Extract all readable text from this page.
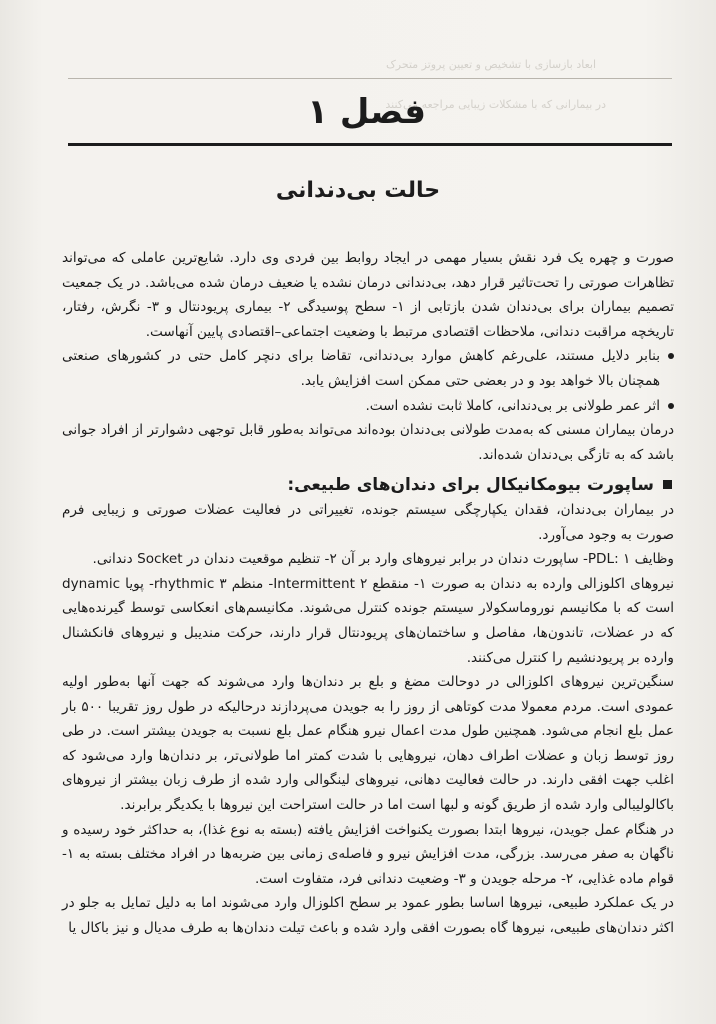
ابعاد بازسازی با تشخیص و تعیین پروتز متحرک
در بیمارانی که با مشکلات زیبایی مراجعه می‌کنند
فصل ۱
حالت بی‌دندانی

صورت و چهره یک فرد نقش بسیار مهمی در ایجاد روابط بین فردی وی دارد. شایع‌ترین عاملی که می‌تواند تظاهرات صورتی را تحت‌تاثیر قرار دهد، بی‌دندانی درمان نشده یا ضعیف درمان شده می‌باشد. در یک جمعیت تصمیم بیماران برای بی‌دندان شدن بازتابی از ۱- سطح پوسیدگی ۲- بیماری پریودنتال و ۳- نگرش، رفتار، تاریخچه مراقبت دندانی، ملاحظات اقتصادی مرتبط با وضعیت اجتماعی–اقتصادی پایین آنهاست.

بنابر دلایل مستند، علی‌رغم کاهش موارد بی‌دندانی، تقاضا برای دنچر کامل حتی در کشورهای صنعتی همچنان بالا خواهد بود و در بعضی حتی ممکن است افزایش یابد.

اثر عمر طولانی بر بی‌دندانی، کاملا ثابت نشده است.

درمان بیماران مسنی که به‌مدت طولانی بی‌دندان بوده‌اند می‌تواند به‌طور قابل توجهی دشوارتر از افراد جوانی باشد که به تازگی بی‌دندان شده‌اند.

ساپورت بیومکانیکال برای دندان‌های طبیعی:

در بیماران بی‌دندان، فقدان یکپارچگی سیستم جونده، تغییراتی در فعالیت عضلات صورتی و زیبایی فرم صورت به وجود می‌آورد.

وظایف PDL: ۱- ساپورت دندان در برابر نیروهای وارد بر آن ۲- تنظیم موقعیت دندان در Socket دندانی.

نیروهای اکلوزالی وارده به دندان به صورت ۱- منقطع Intermittent ۲- منظم rhythmic ۳- پویا dynamic است که با مکانیسم نوروماسکولار سیستم جونده کنترل می‌شوند. مکانیسم‌های انعکاسی توسط گیرنده‌هایی که در عضلات، تاندون‌ها، مفاصل و ساختمان‌های پریودنتال قرار دارند، حرکت مندیبل و نیروهای فانکشنال وارده بر پریودنشیم را کنترل می‌کنند.

سنگین‌ترین نیروهای اکلوزالی در دوحالت مضغ و بلع بر دندان‌ها وارد می‌شوند که جهت آنها به‌طور اولیه عمودی است. مردم معمولا مدت کوتاهی از روز را به جویدن می‌پردازند درحالیکه در طول روز تقریبا ۵۰۰ بار عمل بلع انجام می‌شود. همچنین طول مدت اعمال نیرو هنگام عمل بلع نسبت به جویدن بیشتر است. در طی روز توسط زبان و عضلات اطراف دهان، نیروهایی با شدت کمتر اما طولانی‌تر، بر دندان‌ها وارد می‌شود که اغلب جهت افقی دارند. در حالت فعالیت دهانی، نیروهای لینگوالی وارد شده از طرف زبان بیشتر از نیروهای باکالولیبالی وارد شده از طریق گونه و لبها است اما در حالت استراحت این نیروها با یکدیگر برابرند.

در هنگام عمل جویدن، نیروها ابتدا بصورت یکنواخت افزایش یافته (بسته به نوع غذا)، به حداکثر خود رسیده و ناگهان به صفر می‌رسد. بزرگی، مدت افزایش نیرو و فاصله‌ی زمانی بین ضربه‌ها در افراد مختلف بسته به ۱- قوام ماده غذایی، ۲- مرحله جویدن و ۳- وضعیت دندانی فرد، متفاوت است.

در یک عملکرد طبیعی، نیروها اساسا بطور عمود بر سطح اکلوزال وارد می‌شوند اما به دلیل تمایل به جلو در اکثر دندان‌های طبیعی، نیروها گاه بصورت افقی وارد شده و باعث تیلت دندان‌ها به طرف مدیال و نیز باکال یا
